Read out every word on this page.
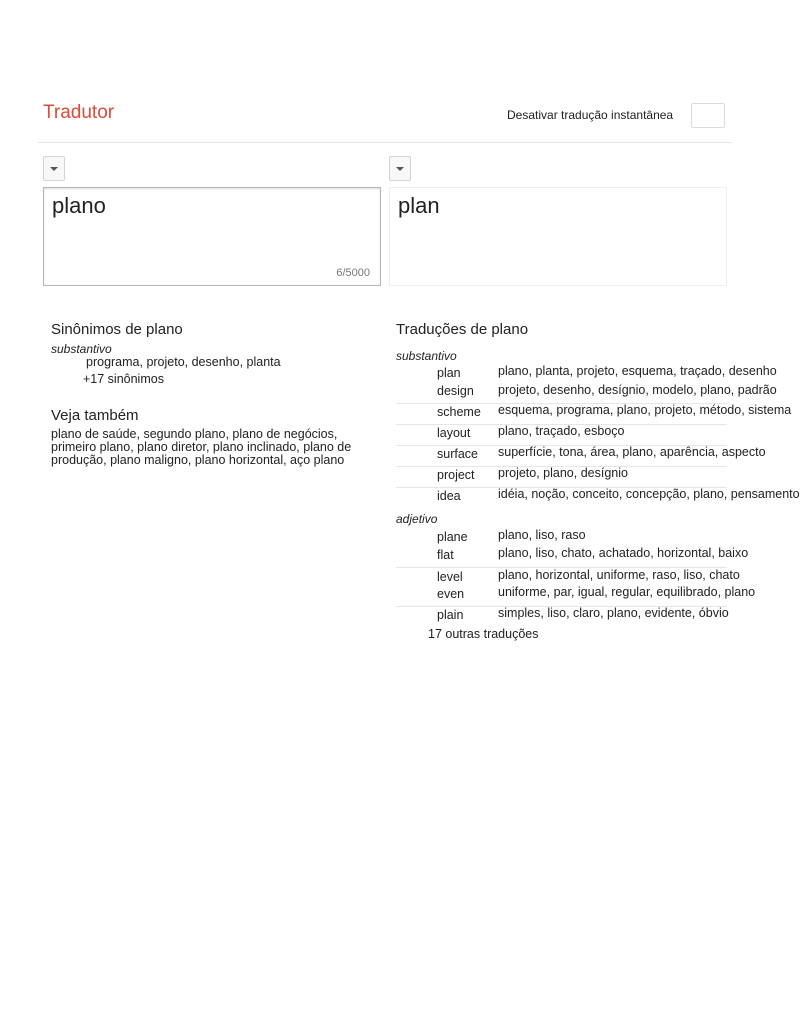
Tradutor	Desativar tradução instantânea
plano
6/5000
plan
Sinônimos de plano
substantivo
programa, projeto, desenho, planta
+17 sinônimos
Veja também
plano de saúde, segundo plano, plano de negócios, primeiro plano, plano diretor, plano inclinado, plano de produção, plano maligno, plano horizontal, aço plano
Traduções de plano
substantivo
plan	plano, planta, projeto, esquema, traçado, desenho
design projeto, desenho, desígnio, modelo, plano, padrão
scheme esquema, programa, plano, projeto, método, sistema
layout plano, traçado, esboço
surface superfície, tona, área, plano, aparência, aspecto
project projeto, plano, desígnio
idea	idéia, noção, conceito, concepção, plano, pensamento
adjetivo
plane plano, liso, raso
flat	plano, liso, chato, achatado, horizontal, baixo
level	plano, horizontal, uniforme, raso, liso, chato
even	uniforme, par, igual, regular, equilibrado, plano
plain	simples, liso, claro, plano, evidente, óbvio
17 outras traduções
